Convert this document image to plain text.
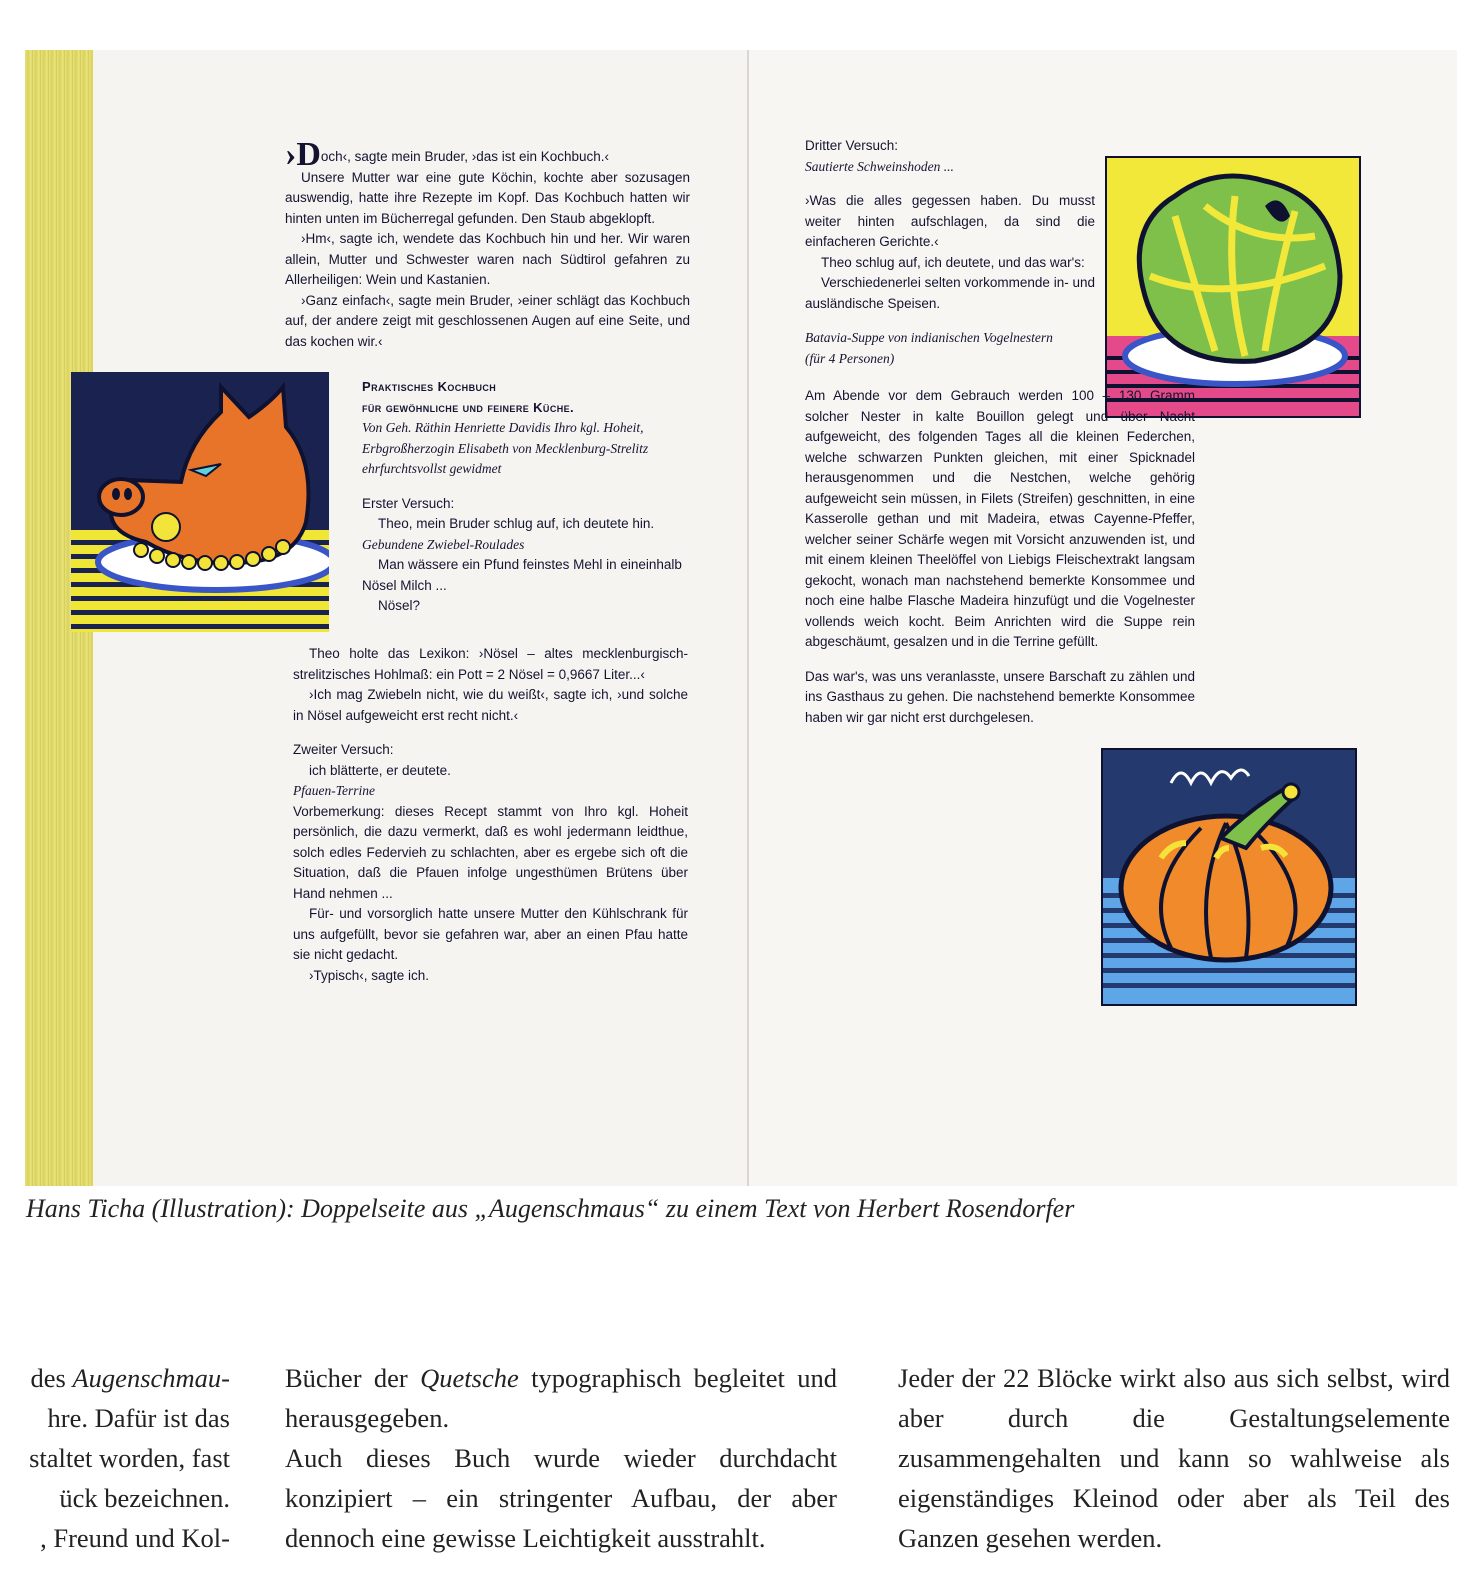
›Doch‹, sagte mein Bruder, ›das ist ein Kochbuch.‹

Unsere Mutter war eine gute Köchin, kochte aber sozusagen auswendig, hatte ihre Rezepte im Kopf. Das Kochbuch hatten wir hinten unten im Bücherregal gefunden. Den Staub abgeklopft.

›Hm‹, sagte ich, wendete das Kochbuch hin und her. Wir waren allein, Mutter und Schwester waren nach Südtirol gefahren zu Allerheiligen: Wein und Kastanien.

›Ganz einfach‹, sagte mein Bruder, ›einer schlägt das Kochbuch auf, der andere zeigt mit geschlossenen Augen auf eine Seite, und das kochen wir.‹

Praktisches Kochbuch

für gewöhnliche und feinere Küche.

Von Geh. Räthin Henriette Davidis Ihro kgl. Hoheit,

Erbgroßherzogin Elisabeth von Mecklenburg-Strelitz

ehrfurchtsvollst gewidmet

Erster Versuch:

Theo, mein Bruder schlug auf, ich deutete hin.

Gebundene Zwiebel-Roulades

Man wässere ein Pfund feinstes Mehl in eineinhalb

Nösel Milch ...

Nösel?

Theo holte das Lexikon: ›Nösel – altes mecklenburgisch-strelitzisches Hohlmaß: ein Pott = 2 Nösel = 0,9667 Liter...‹

›Ich mag Zwiebeln nicht, wie du weißt‹, sagte ich, ›und solche in Nösel aufgeweicht erst recht nicht.‹

Zweiter Versuch:

ich blätterte, er deutete.

Pfauen-Terrine

Vorbemerkung: dieses Recept stammt von Ihro kgl. Hoheit persönlich, die dazu vermerkt, daß es wohl jedermann leidthue, solch edles Federvieh zu schlachten, aber es ergebe sich oft die Situation, daß die Pfauen infolge ungesthümen Brütens über Hand nehmen ...

Für- und vorsorglich hatte unsere Mutter den Kühlschrank für uns aufgefüllt, bevor sie gefahren war, aber an einen Pfau hatte sie nicht gedacht.

›Typisch‹, sagte ich.

Dritter Versuch:

Sautierte Schweinshoden ...

›Was die alles gegessen haben. Du musst weiter hinten aufschlagen, da sind die einfacheren Gerichte.‹

Theo schlug auf, ich deutete, und das war's:

Verschiedenerlei selten vorkommende in- und ausländische Speisen.

Batavia-Suppe von indianischen Vogelnestern

(für 4 Personen)

Am Abende vor dem Gebrauch werden 100 – 130 Gramm solcher Nester in kalte Bouillon gelegt und über Nacht aufgeweicht, des folgenden Tages all die kleinen Federchen, welche schwarzen Punkten gleichen, mit einer Spicknadel herausgenommen und die Nestchen, welche gehörig aufgeweicht sein müssen, in Filets (Streifen) geschnitten, in eine Kasserolle gethan und mit Madeira, etwas Cayenne-Pfeffer, welcher seiner Schärfe wegen mit Vorsicht anzuwenden ist, und mit einem kleinen Theelöffel von Liebigs Fleischextrakt langsam gekocht, wonach man nachstehend bemerkte Konsommee und noch eine halbe Flasche Madeira hinzufügt und die Vogelnester vollends weich kocht. Beim Anrichten wird die Suppe rein abgeschäumt, gesalzen und in die Terrine gefüllt.

Das war's, was uns veranlasste, unsere Barschaft zu zählen und ins Gasthaus zu gehen. Die nachstehend bemerkte Konsommee haben wir gar nicht erst durchgelesen.

Hans Ticha (Illustration): Doppelseite aus „Augenschmaus“ zu einem Text von Herbert Rosendorfer

des Augenschmau-

hre. Dafür ist das

staltet worden, fast

ück bezeichnen.

, Freund und Kol-

Bücher der Quetsche typographisch begleitet und herausgegeben.

Auch dieses Buch wurde wieder durchdacht konzipiert – ein stringenter Aufbau, der aber dennoch eine gewisse Leichtigkeit ausstrahlt.

Jeder der 22 Blöcke wirkt also aus sich selbst, wird aber durch die Gestaltungselemente zusammengehalten und kann so wahlweise als eigenständiges Kleinod oder aber als Teil des Ganzen gesehen werden.
